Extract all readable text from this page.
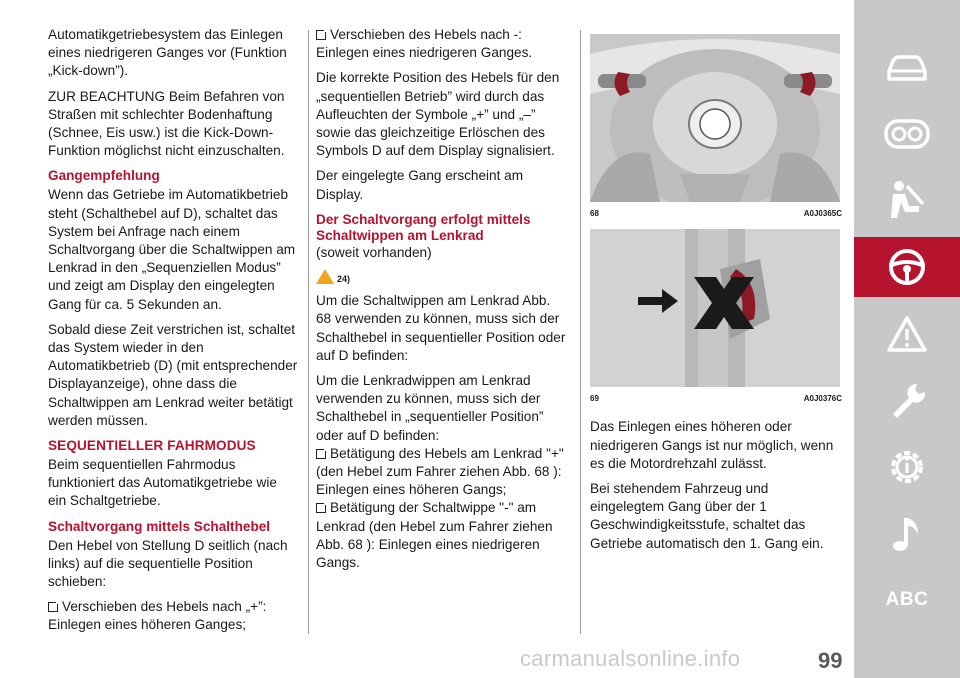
Automatikgetriebesystem das Einlegen eines niedrigeren Ganges vor (Funktion „Kick-down”).

ZUR BEACHTUNG Beim Befahren von Straßen mit schlechter Bodenhaftung (Schnee, Eis usw.) ist die Kick-Down-Funktion möglichst nicht einzuschalten.

Gangempfehlung

Wenn das Getriebe im Automatikbetrieb steht (Schalthebel auf D), schaltet das System bei Anfrage nach einem Schaltvorgang über die Schaltwippen am Lenkrad in den „Sequenziellen Modus” und zeigt am Display den eingelegten Gang für ca. 5 Sekunden an.

Sobald diese Zeit verstrichen ist, schaltet das System wieder in den Automatikbetrieb (D) (mit entsprechender Displayanzeige), ohne dass die Schaltwippen am Lenkrad weiter betätigt werden müssen.

SEQUENTIELLER FAHRMODUS

Beim sequentiellen Fahrmodus funktioniert das Automatikgetriebe wie ein Schaltgetriebe.

Schaltvorgang mittels Schalthebel

Den Hebel von Stellung D seitlich (nach links) auf die sequentielle Position schieben:

Verschieben des Hebels nach „+”: Einlegen eines höheren Ganges;

Verschieben des Hebels nach -: Einlegen eines niedrigeren Ganges.

Die korrekte Position des Hebels für den „sequentiellen Betrieb” wird durch das Aufleuchten der Symbole „+” und „–” sowie das gleichzeitige Erlöschen des Symbols D auf dem Display signalisiert.

Der eingelegte Gang erscheint am Display.

Der Schaltvorgang erfolgt mittels Schaltwippen am Lenkrad

(soweit vorhanden)

24)

Um die Schaltwippen am Lenkrad Abb. 68 verwenden zu können, muss sich der Schalthebel in sequentieller Position oder auf D befinden:

Um die Lenkradwippen am Lenkrad verwenden zu können, muss sich der Schalthebel in „sequentieller Position” oder auf D befinden:

Betätigung des Hebels am Lenkrad "+" (den Hebel zum Fahrer ziehen Abb. 68 ): Einlegen eines höheren Gangs;

Betätigung der Schaltwippe "-" am Lenkrad (den Hebel zum Fahrer ziehen Abb. 68 ): Einlegen eines niedrigeren Gangs.

68	A0J0365C
69	A0J0376C

Das Einlegen eines höheren oder niedrigeren Gangs ist nur möglich, wenn es die Motordrehzahl zulässt.

Bei stehendem Fahrzeug und eingelegtem Gang über der 1 Geschwindigkeitsstufe, schaltet das Getriebe automatisch den 1. Gang ein.

ABC
carmanualsonline.info	99
